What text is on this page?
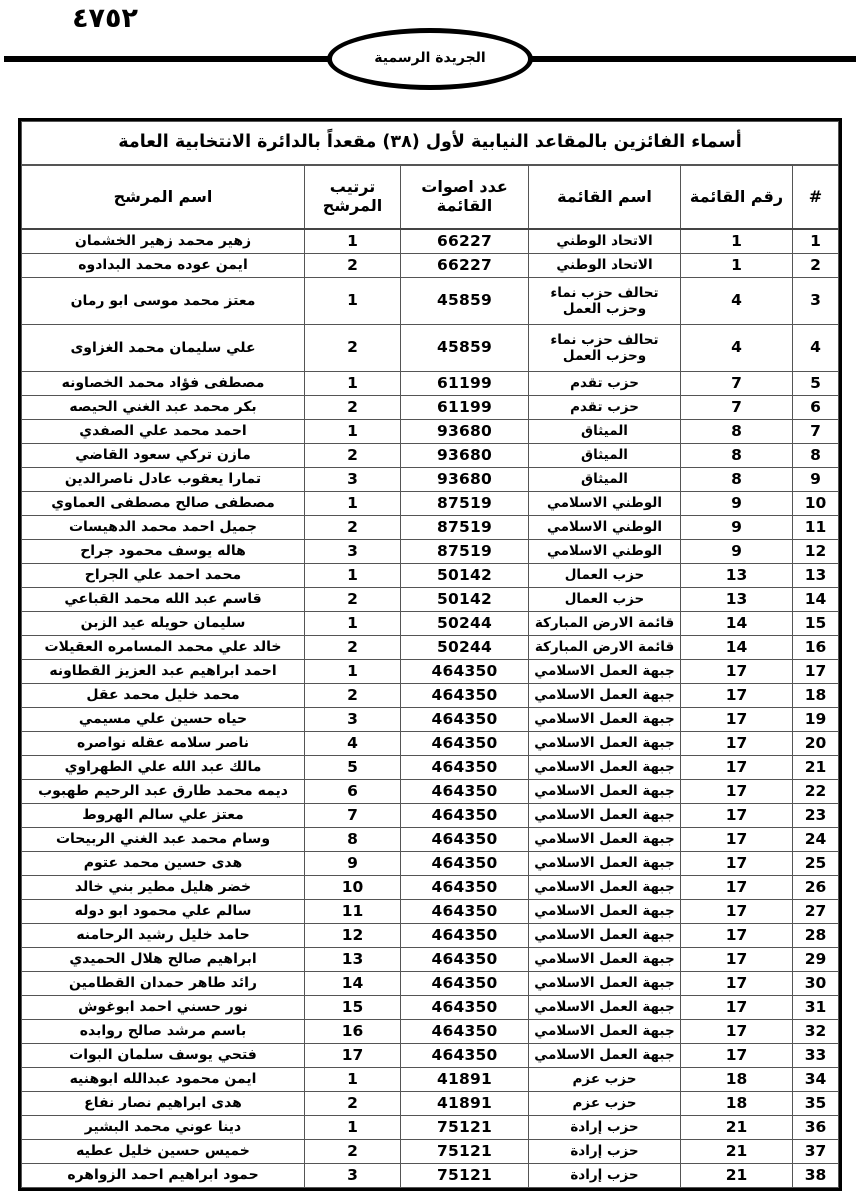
٤٧٥٢
الجريدة الرسمية
أسماء الفائزين بالمقاعد النيابية لأول (٣٨) مقعداً بالدائرة الانتخابية العامة					
#	رقم القائمة	اسم القائمة	عدد اصوات القائمة	ترتيب المرشح	اسم المرشح
1	1	الاتحاد الوطني	66227	1	زهير محمد زهير الخشمان
2	1	الاتحاد الوطني	66227	2	ايمن عوده محمد البدادوه
3	4	تحالف حزب نماء وحزب العمل	45859	1	معتز محمد موسى ابو رمان
4	4	تحالف حزب نماء وحزب العمل	45859	2	علي سليمان محمد الغزاوى
5	7	حزب تقدم	61199	1	مصطفى فؤاد محمد الخصاونه
6	7	حزب تقدم	61199	2	بكر محمد عبد الغني الحيصه
7	8	الميثاق	93680	1	احمد محمد علي الصفدي
8	8	الميثاق	93680	2	مازن تركي سعود القاضي
9	8	الميثاق	93680	3	تمارا يعقوب عادل ناصرالدين
10	9	الوطني الاسلامي	87519	1	مصطفى صالح مصطفى العماوي
11	9	الوطني الاسلامي	87519	2	جميل احمد محمد الدهيسات
12	9	الوطني الاسلامي	87519	3	هاله يوسف محمود جراح
13	13	حزب العمال	50142	1	محمد احمد علي الجراح
14	13	حزب العمال	50142	2	قاسم عبد الله محمد القباعي
15	14	قائمة الارض المباركة	50244	1	سليمان حويله عيد الزبن
16	14	قائمة الارض المباركة	50244	2	خالد علي محمد المسامره العقيلات
17	17	جبهة العمل الاسلامي	464350	1	احمد ابراهيم عبد العزيز القطاونه
18	17	جبهة العمل الاسلامي	464350	2	محمد خليل محمد عقل
19	17	جبهة العمل الاسلامي	464350	3	حياه حسين علي مسيمي
20	17	جبهة العمل الاسلامي	464350	4	ناصر سلامه عقله نواصره
21	17	جبهة العمل الاسلامي	464350	5	مالك عبد الله علي الطهراوي
22	17	جبهة العمل الاسلامي	464350	6	ديمه محمد طارق عبد الرحيم طهبوب
23	17	جبهة العمل الاسلامي	464350	7	معتز علي سالم الهروط
24	17	جبهة العمل الاسلامي	464350	8	وسام محمد عبد الغني الربيحات
25	17	جبهة العمل الاسلامي	464350	9	هدى حسين محمد عتوم
26	17	جبهة العمل الاسلامي	464350	10	خضر هليل مطير بني خالد
27	17	جبهة العمل الاسلامي	464350	11	سالم علي محمود ابو دوله
28	17	جبهة العمل الاسلامي	464350	12	حامد خليل رشيد الرحامنه
29	17	جبهة العمل الاسلامي	464350	13	ابراهيم صالح هلال الحميدي
30	17	جبهة العمل الاسلامي	464350	14	رائد طاهر حمدان القطامين
31	17	جبهة العمل الاسلامي	464350	15	نور حسني احمد ابوغوش
32	17	جبهة العمل الاسلامي	464350	16	باسم مرشد صالح روابده
33	17	جبهة العمل الاسلامي	464350	17	فتحي يوسف سلمان البوات
34	18	حزب عزم	41891	1	ايمن محمود عبدالله ابوهنيه
35	18	حزب عزم	41891	2	هدى ابراهيم نصار نفاع
36	21	حزب إرادة	75121	1	دينا عوني محمد البشير
37	21	حزب إرادة	75121	2	خميس حسين خليل عطيه
38	21	حزب إرادة	75121	3	حمود ابراهيم احمد الزواهره
